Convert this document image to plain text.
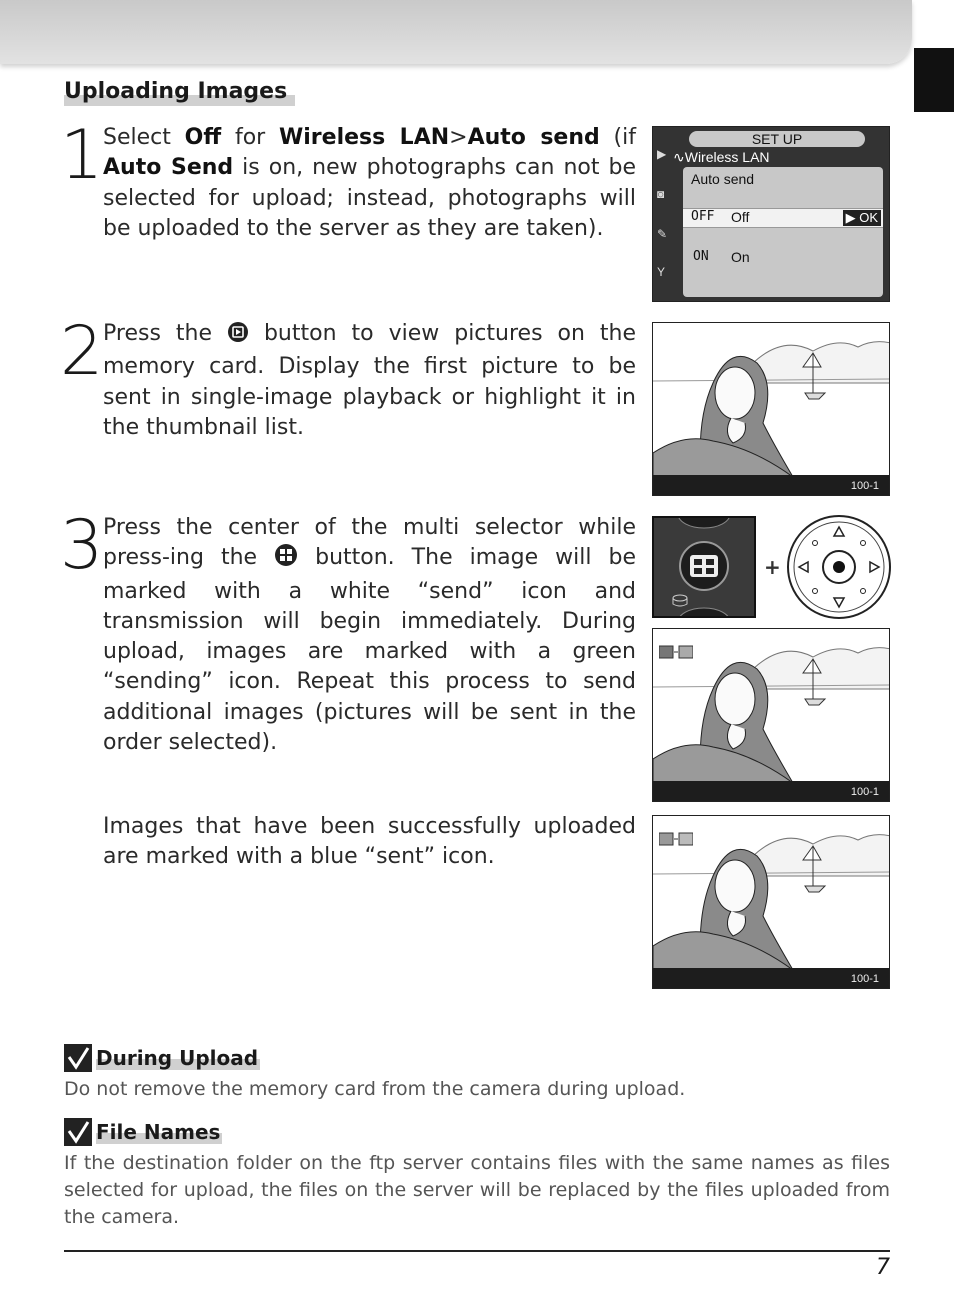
Uploading Images
1 Select Off for Wireless LAN>Auto send (if Auto Send is on, new photographs can not be selected for upload; instead, photographs will be uploaded to the server as they are taken).
▶
◙
✎
Y
SET UP
∿Wireless LAN
Auto send
OFF Off	▶ OK
ON On
2 Press the  button to view pictures on the memory card. Display the first picture to be sent in single-image playback or highlight it in the thumbnail list.
100-1
3 Press the center of the multi selector while press-ing the  button. The image will be marked with a white “send” icon and transmission will begin immediately. During upload, images are marked with a green “sending” icon. Repeat this process to send additional images (pictures will be sent in the order selected).
+
100-1
Images that have been successfully uploaded are marked with a blue “sent” icon.
100-1
During Upload
Do not remove the memory card from the camera during upload.
File Names
If the destination folder on the ftp server contains files with the same names as files selected for upload, the files on the server will be replaced by the files uploaded from the camera.
7
